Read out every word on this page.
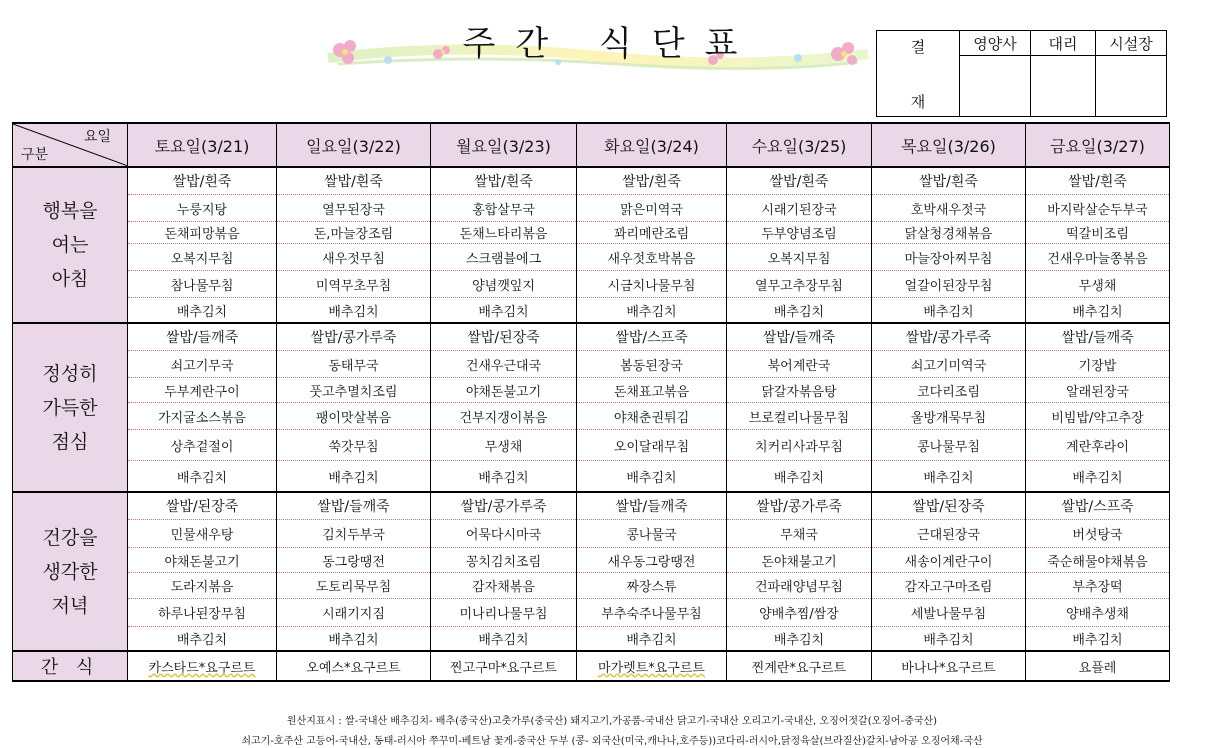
주간 식단표	결
재	영양사	대리	시설장

요일
구분	토요일(3/21)	일요일(3/22)	월요일(3/23)	화요일(3/24)	수요일(3/25)	목요일(3/26)	금요일(3/27)
행복을
여는
아침	쌀밥/흰죽	쌀밥/흰죽	쌀밥/흰죽	쌀밥/흰죽	쌀밥/흰죽	쌀밥/흰죽	쌀밥/흰죽
	누룽지탕	열무된장국	홍합살무국	맑은미역국	시래기된장국	호박새우젓국	바지락살순두부국
	돈채피망볶음	돈,마늘장조림	돈채느타리볶음	꽈리메란조림	두부양념조림	닭살청경채볶음	떡갈비조림
	오복지무침	새우젓무침	스크램블에그	새우젓호박볶음	오복지무침	마늘장아찌무침	건새우마늘쫑볶음
	참나물무침	미역무초무침	양념깻잎지	시금치나물무침	열무고추장무침	얼갈이된장무침	무생채
	배추김치	배추김치	배추김치	배추김치	배추김치	배추김치	배추김치
정성히
가득한
점심	쌀밥/들깨죽	쌀밥/콩가루죽	쌀밥/된장죽	쌀밥/스프죽	쌀밥/들깨죽	쌀밥/콩가루죽	쌀밥/들깨죽
	쇠고기무국	동태무국	건새우근대국	봄동된장국	북어계란국	쇠고기미역국	기장밥
	두부계란구이	풋고추멸치조림	야채돈불고기	돈채표고볶음	닭갈자볶음탕	코다리조림	알래된장국
	가지굴소스볶음	팽이맛살볶음	건부지갱이볶음	야채춘권튀김	브로컬리나물무침	울방개묵무침	비빔밥/약고추장
	상추겉절이	쑥갓무침	무생채	오이달래무침	치커리사과무침	콩나물무침	계란후라이
	배추김치	배추김치	배추김치	배추김치	배추김치	배추김치	배추김치
건강을
생각한
저녁	쌀밥/된장죽	쌀밥/들깨죽	쌀밥/콩가루죽	쌀밥/들깨죽	쌀밥/콩가루죽	쌀밥/된장죽	쌀밥/스프죽
	민물새우탕	김치두부국	어묵다시마국	콩나물국	무채국	근대된장국	버섯탕국
	야채돈불고기	동그랑땡전	꽁치김치조림	새우동그랑땡전	돈야채불고기	새송이계란구이	죽순해물야채볶음
	도라지볶음	도토리묵무침	감자채볶음	짜장스튜	건파래양념무침	감자고구마조림	부추장떡
	하루나된장무침	시래기지짐	미나리나물무침	부추숙주나물무침	양배추찜/쌈장	세발나물무침	양배추생채
	배추김치	배추김치	배추김치	배추김치	배추김치	배추김치	배추김치
간 식	카스타드*요구르트	오예스*요구르트	찐고구마*요구르트	마가렛트*요구르트	찐계란*요구르트	바나나*요구르트	요플레
원산지표시 : 쌀-국내산 배추김치- 배추(중국산)고춧가루(중국산) 돼지고기,가공품-국내산 닭고기-국내산 오리고기-국내산, 오징어젓갈(오징어-중국산)
쇠고기-호주산 고등어-국내산, 동태-러시아 쭈꾸미-베트남 꽃게-중국산 두부 (콩- 외국산(미국,캐나나,호주등))코다리-러시아,닭정육살(브라질산)갈치-남아공 오징어채-국산
